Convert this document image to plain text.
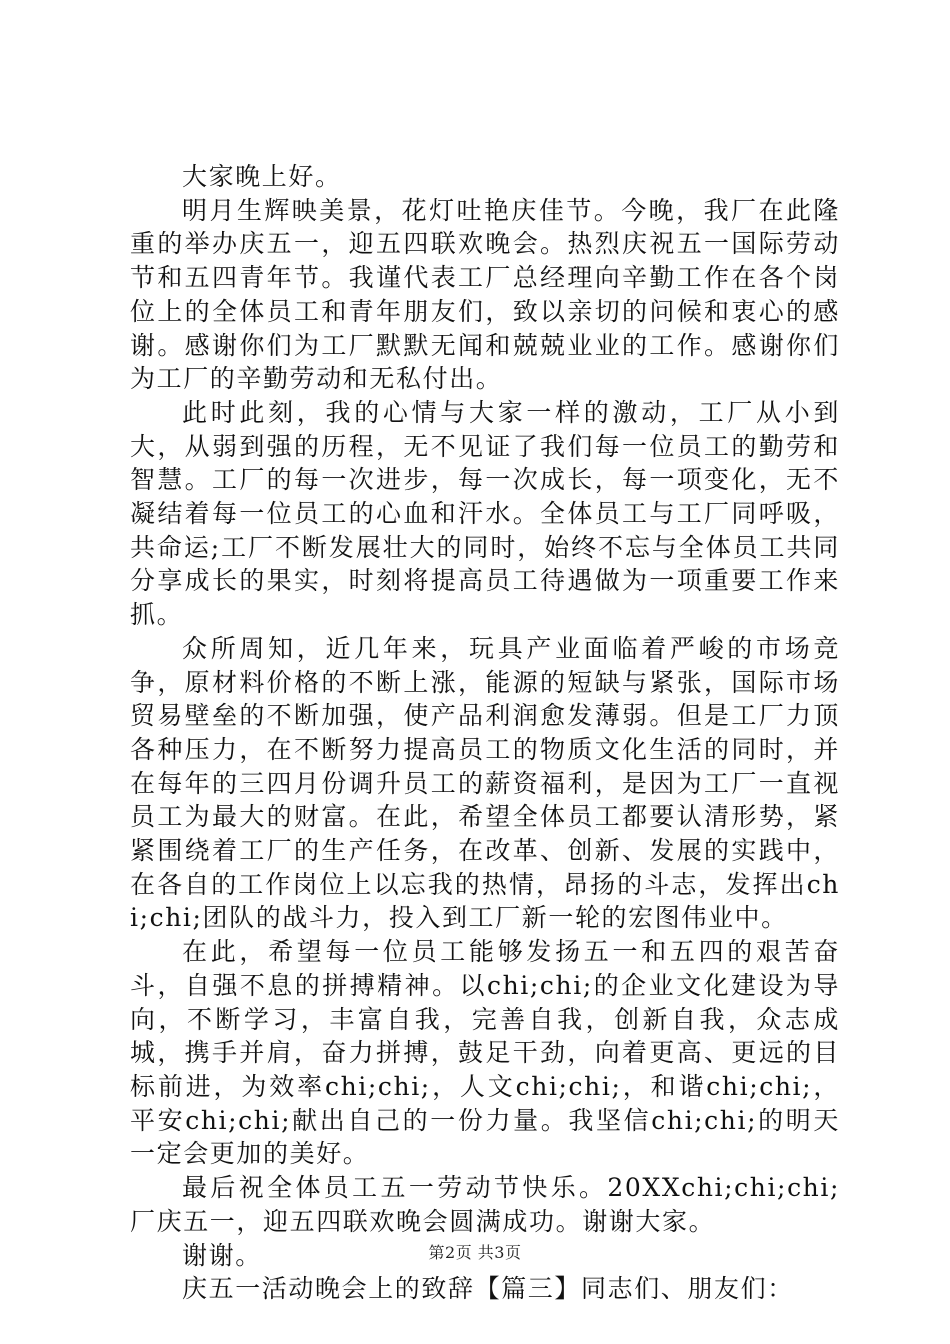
大家晚上好。

明月生辉映美景，花灯吐艳庆佳节。今晚，我厂在此隆重的举办庆五一，迎五四联欢晚会。热烈庆祝五一国际劳动节和五四青年节。我谨代表工厂总经理向辛勤工作在各个岗位上的全体员工和青年朋友们，致以亲切的问候和衷心的感谢。感谢你们为工厂默默无闻和兢兢业业的工作。感谢你们为工厂的辛勤劳动和无私付出。

此时此刻，我的心情与大家一样的激动，工厂从小到大，从弱到强的历程，无不见证了我们每一位员工的勤劳和智慧。工厂的每一次进步，每一次成长，每一项变化，无不凝结着每一位员工的心血和汗水。全体员工与工厂同呼吸，共命运;工厂不断发展壮大的同时，始终不忘与全体员工共同分享成长的果实，时刻将提高员工待遇做为一项重要工作来抓。

众所周知，近几年来，玩具产业面临着严峻的市场竞争，原材料价格的不断上涨，能源的短缺与紧张，国际市场贸易壁垒的不断加强，使产品利润愈发薄弱。但是工厂力顶各种压力，在不断努力提高员工的物质文化生活的同时，并在每年的三四月份调升员工的薪资福利，是因为工厂一直视员工为最大的财富。在此，希望全体员工都要认清形势，紧紧围绕着工厂的生产任务，在改革、创新、发展的实践中，在各自的工作岗位上以忘我的热情，昂扬的斗志，发挥出chi;chi;团队的战斗力，投入到工厂新一轮的宏图伟业中。

在此，希望每一位员工能够发扬五一和五四的艰苦奋斗，自强不息的拼搏精神。以chi;chi;的企业文化建设为导向，不断学习，丰富自我，完善自我，创新自我，众志成城，携手并肩，奋力拼搏，鼓足干劲，向着更高、更远的目标前进，为效率chi;chi;，人文chi;chi;，和谐chi;chi;，平安chi;chi;献出自己的一份力量。我坚信chi;chi;的明天一定会更加的美好。

最后祝全体员工五一劳动节快乐。20XXchi;chi;chi;厂庆五一，迎五四联欢晚会圆满成功。谢谢大家。

谢谢。

庆五一活动晚会上的致辞【篇三】同志们、朋友们：

第2页 共3页
